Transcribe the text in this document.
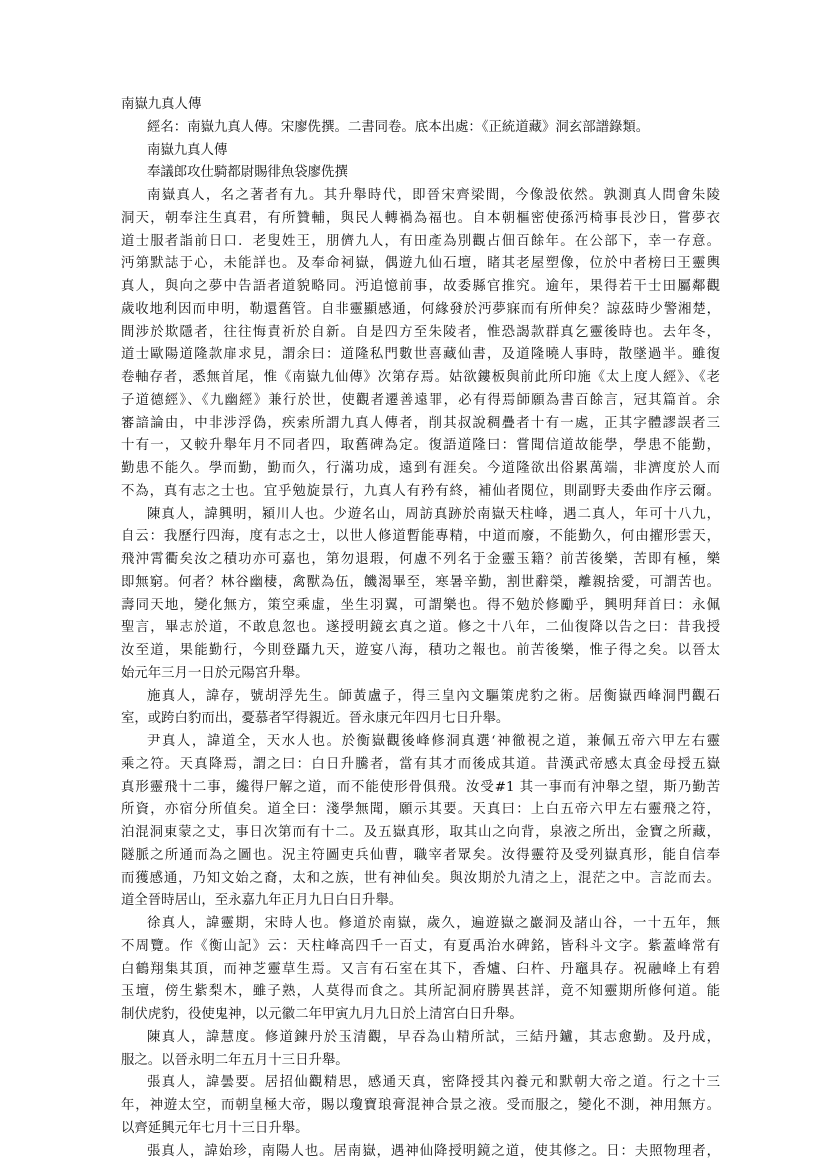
南嶽九真人傳
經名：南嶽九真人傳。宋廖侁撰。二書同卷。底本出處：《正統道藏》洞玄部譜錄類。
南嶽九真人傳
奉議郎攻仕騎都尉賜徘魚袋廖侁撰
南嶽真人，名之著者有九。其升舉時代，即晉宋齊梁間，今像設依然。孰測真人問會朱陵
洞天，朝奉注生真君，有所贊輔，與民人轉禍為福也。自本朝樞密使孫沔椅事長沙日，嘗夢衣
道士服者詣前日口．老叟姓王，朋儕九人，有田產為別觀占佃百餘年。在公部下，幸一存意。
沔第默誌于心，未能詳也。及奉命祠嶽，偶遊九仙石壇，睹其老屋塑像，位於中者榜曰王靈輿
真人，與向之夢中告語者道貌略同。沔追憶前事，故委縣官推究。逾年，果得若干士田屬鄰觀
歲收地利因而申明，勒還舊管。自非靈顯感通，何緣發於沔夢寐而有所伸矣？諒茲時少警湘楚，
間涉於欺隱者，往往悔責祈於自新。自是四方至朱陵者，惟恐謁款群真乞靈後時也。去年冬，
道士歐陽道隆款扉求見，謂余曰：道隆私門數世喜藏仙書，及道隆曉人事時，散墜過半。雖復
卷軸存者，悉無首尾，惟《南嶽九仙傳》次第存焉。姑欲鏤板與前此所印施《太上度人經》、《老
子道德經》、《九幽經》兼行於世，使觀者遷善遠罪，必有得焉師願為書百餘言，冠其篇首。余
審諳論由，中非涉浮偽，疾索所謂九真人傳者，削其叔說稠疊者十有一處，正其字體謬誤者三
十有一，又較升舉年月不同者四，取舊碑為定。復語道隆曰：嘗聞信道故能學，學患不能勤，
勤患不能久。學而勤，勤而久，行滿功成，遠到有涯矣。今道隆欲出俗累萬端，非濟度於人而
不為，真有志之士也。宜乎勉旋景行，九真人有矜有終，補仙者閱位，則副野夫委曲作序云爾。
陳真人，諱興明，潁川人也。少遊名山，周訪真跡於南嶽天柱峰，遇二真人，年可十八九，
自云：我歷行四海，度有志之士，以世人修道暫能專精，中道而廢，不能勤久，何由擢形雲天，
飛沖霄衢矣汝之積功亦可嘉也，第勿退瑕，何慮不列名于金靈玉籍？前苦後樂，苦即有極，樂
即無窮。何者？林谷幽棲，禽獸為伍，饑渴畢至，寒暑辛勤，割世辭榮，離親捨愛，可謂苦也。
壽同天地，變化無方，策空乘虛，坐生羽翼，可謂樂也。得不勉於修勵乎，興明拜首曰：永佩
聖言，畢志於道，不敢息忽也。遂授明鏡玄真之道。修之十八年，二仙復降以告之曰：昔我授
汝至道，果能勤行，今則登躡九天，遊宴八海，積功之報也。前苦後樂，惟子得之矣。以晉太
始元年三月一日於元陽宮升舉。
施真人，諱存，號胡浮先生。師黃盧子，得三皇內文驅策虎豹之術。居衡嶽西峰洞門觀石
室，或跨白豹而出，憂慕者罕得親近。晉永康元年四月七日升舉。
尹真人，諱道全，天水人也。於衡嶽觀後峰修洞真選‘神徹視之道，兼佩五帝六甲左右靈
乘之符。天真降焉，謂之曰：白日升騰者，當有其才而後成其道。昔漢武帝感太真金母授五嶽
真形靈飛十二事，纔得尸解之道，而不能使形骨俱飛。汝受#1 其一事而有沖舉之望，斯乃勤苦
所資，亦宿分所值矣。道全曰：淺學無聞，願示其要。天真曰：上白五帝六甲左右靈飛之符，
泊混洞東蒙之丈，事日次第而有十二。及五嶽真形，取其山之向背，泉液之所出，金寶之所藏，
隧脈之所通而為之圖也。況主符圖吏兵仙曹，職宰者眾矣。汝得靈符及受列嶽真形，能自信奉
而獲感通，乃知文始之裔，太和之族，世有神仙矣。與汝期於九清之上，混茫之中。言訖而去。
道全晉時居山，至永嘉九年正月九日白日升舉。
徐真人，諱靈期，宋時人也。修道於南嶽，歲久，遍遊嶽之巖洞及諸山谷，一十五年，無
不周覽。作《衡山記》云：天柱峰高四千一百丈，有夏禹治水碑銘，皆科斗文字。紫蓋峰常有
白鶴翔集其頂，而神芝靈草生焉。又言有石室在其下，香爐、臼杵、丹竈具存。祝融峰上有碧
玉壇，傍生紫梨木，雖子熟，人莫得而食之。其所記洞府勝異甚詳，竟不知靈期所修何道。能
制伏虎豹，役使鬼神，以元徽二年甲寅九月九日於上清宮白日升舉。
陳真人，諱慧度。修道鍊丹於玉清觀，早吞為山精所試，三結丹鑪，其志愈勤。及丹成，
服之。以晉永明二年五月十三日升舉。
張真人，諱曇要。居招仙觀精思，感通天真，密降授其內養元和默朝大帝之道。行之十三
年，神遊太空，而朝皇極大帝，賜以瓊寶琅膏混神合景之液。受而服之，變化不測，神用無方。
以齊延興元年七月十三日升舉。
張真人，諱始珍，南陽人也。居南嶽，遇神仙降授明鏡之道，使其修之。日：夫照物理者，
